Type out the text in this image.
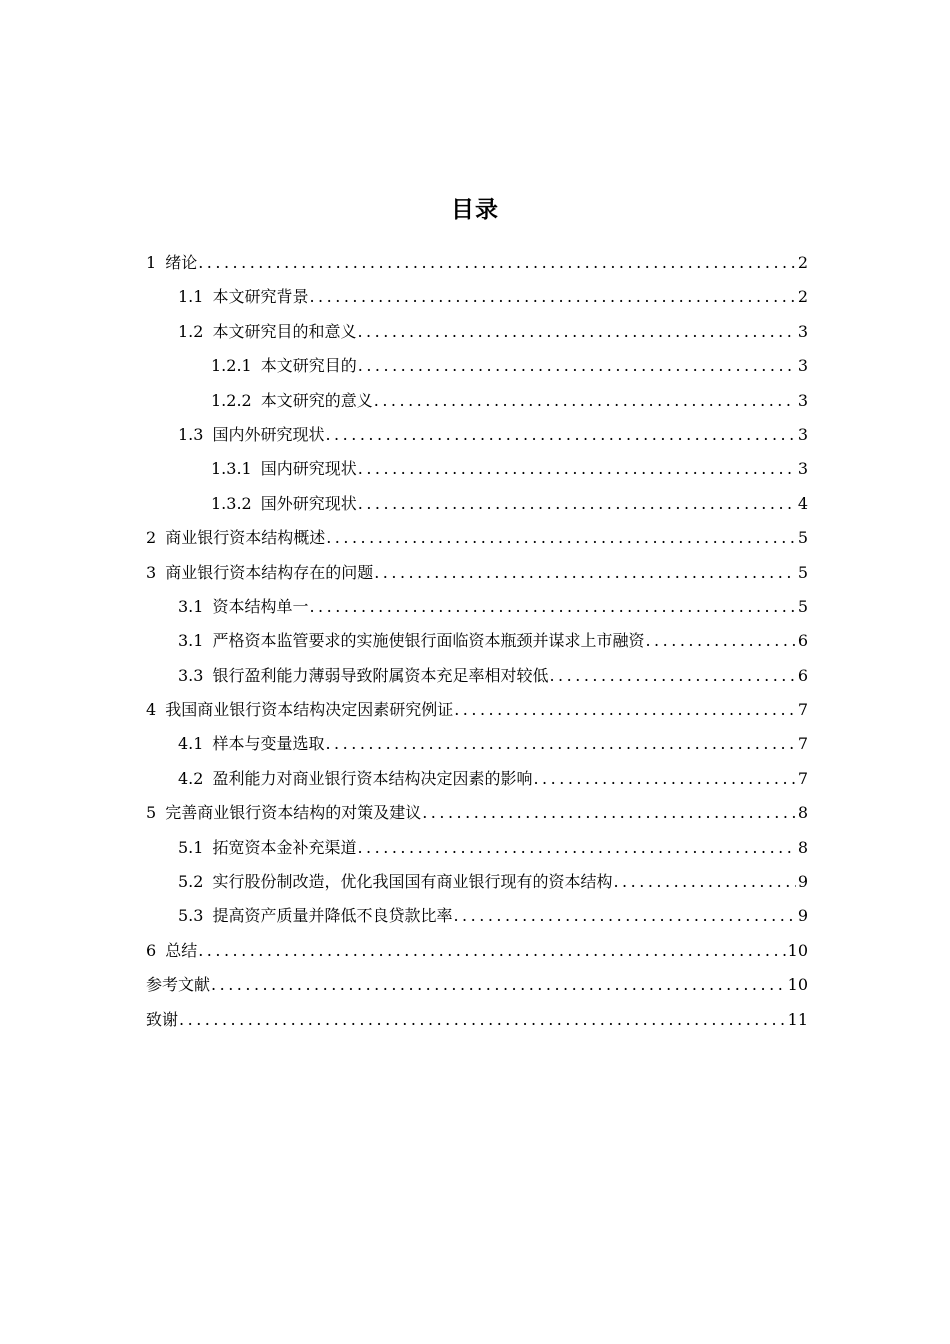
目录
1 绪论 .....	2
1.1 本文研究背景 .....	2
1.2 本文研究目的和意义 .....	3
1.2.1 本文研究目的 .....	3
1.2.2 本文研究的意义 .....	3
1.3 国内外研究现状 .....	3
1.3.1 国内研究现状 .....	3
1.3.2 国外研究现状 .....	4
2 商业银行资本结构概述 .....	5
3 商业银行资本结构存在的问题 .....	5
3.1 资本结构单一 .....	5
3.1 严格资本监管要求的实施使银行面临资本瓶颈并谋求上市融资 .....	6
3.3 银行盈利能力薄弱导致附属资本充足率相对较低 .....	6
4 我国商业银行资本结构决定因素研究例证 .....	7
4.1 样本与变量选取 .....	7
4.2 盈利能力对商业银行资本结构决定因素的影响 .....	7
5 完善商业银行资本结构的对策及建议 .....	8
5.1 拓宽资本金补充渠道 .....	8
5.2 实行股份制改造，优化我国国有商业银行现有的资本结构 .....	9
5.3 提高资产质量并降低不良贷款比率 .....	9
6 总结 .....	10
参考文献 .....	10
致谢 .....	11
